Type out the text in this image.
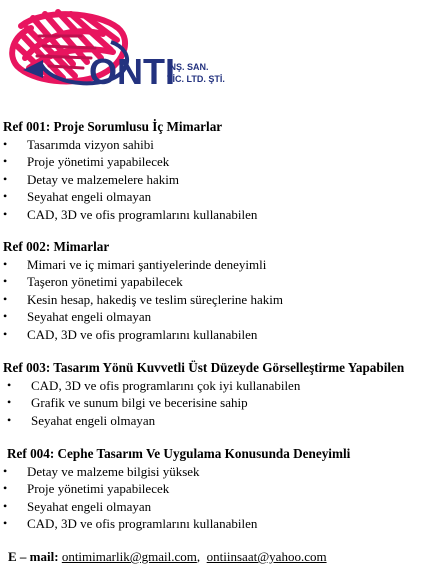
ONTI
İNŞ. SAN.
TİC. LTD. ŞTİ.
Ref 001: Proje Sorumlusu İç Mimarlar
• Tasarımda vizyon sahibi
• Proje yönetimi yapabilecek
• Detay ve malzemelere hakim
• Seyahat engeli olmayan
• CAD, 3D ve ofis programlarını kullanabilen
Ref 002: Mimarlar
• Mimari ve iç mimari şantiyelerinde deneyimli
• Taşeron yönetimi yapabilecek
• Kesin hesap, hakediş ve teslim süreçlerine hakim
• Seyahat engeli olmayan
• CAD, 3D ve ofis programlarını kullanabilen
Ref 003: Tasarım Yönü Kuvvetli Üst Düzeyde Görselleştirme Yapabilen
• CAD, 3D ve ofis programlarını çok iyi kullanabilen
• Grafik ve sunum bilgi ve becerisine sahip
• Seyahat engeli olmayan
Ref 004: Cephe Tasarım Ve Uygulama Konusunda Deneyimli
• Detay ve malzeme bilgisi yüksek
• Proje yönetimi yapabilecek
• Seyahat engeli olmayan
• CAD, 3D ve ofis programlarını kullanabilen
E – mail: ontimimarlik@gmail.com, ontiinsaat@yahoo.com
